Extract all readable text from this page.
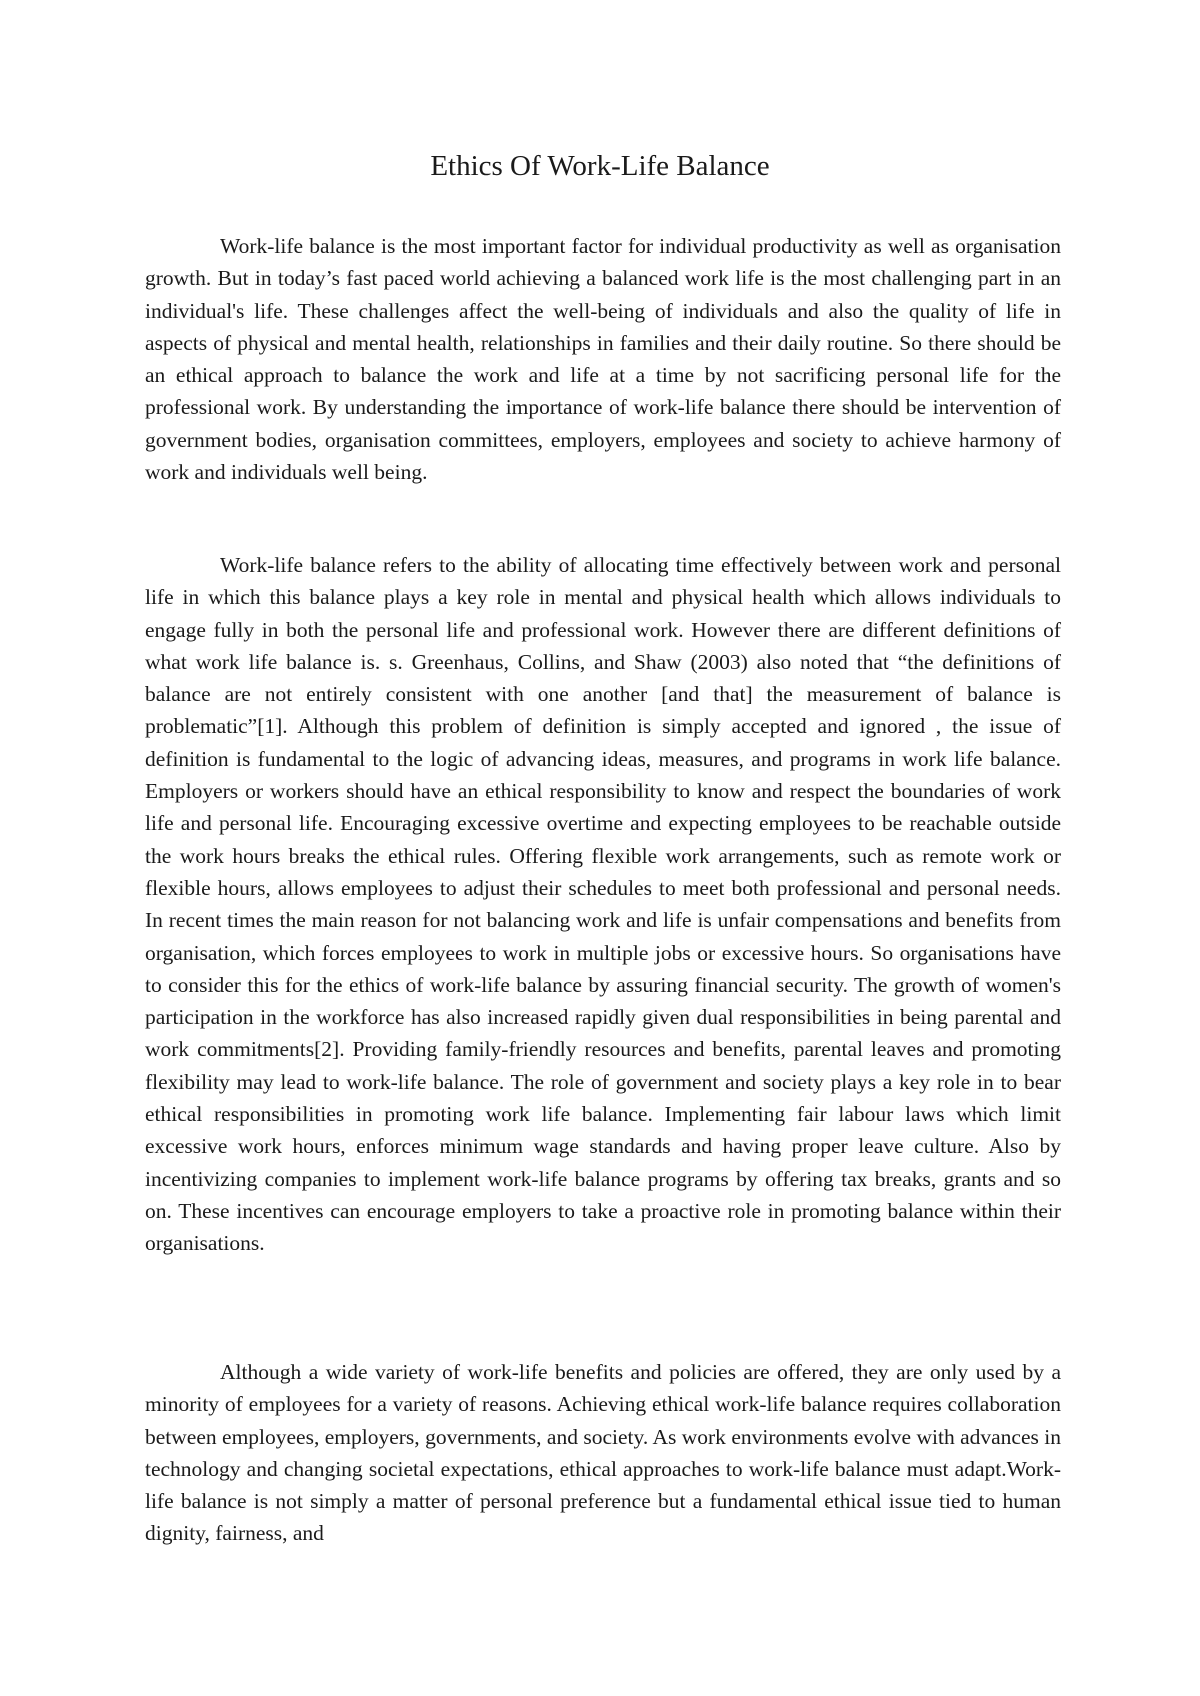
Ethics Of Work-Life Balance

Work-life balance is the most important factor for individual productivity as well as organisation growth. But in today’s fast paced world achieving a balanced work life is the most challenging part in an individual's life. These challenges affect the well-being of individuals and also the quality of life in aspects of physical and mental health, relationships in families and their daily routine. So there should be an ethical approach to balance the work and life at a time by not sacrificing personal life for the professional work. By understanding the importance of work-life balance there should be intervention of government bodies, organisation committees, employers, employees and society to achieve harmony of work and individuals well being.

Work-life balance refers to the ability of allocating time effectively between work and personal life in which this balance plays a key role in mental and physical health which allows individuals to engage fully in both the personal life and professional work. However there are different definitions of what work life balance is. s. Greenhaus, Collins, and Shaw (2003) also noted that “the definitions of balance are not entirely consistent with one another [and that] the measurement of balance is problematic”[1]. Although this problem of definition is simply accepted and ignored , the issue of definition is fundamental to the logic of advancing ideas, measures, and programs in work life balance. Employers or workers should have an ethical responsibility to know and respect the boundaries of work life and personal life. Encouraging excessive overtime and expecting employees to be reachable outside the work hours breaks the ethical rules. Offering flexible work arrangements, such as remote work or flexible hours, allows employees to adjust their schedules to meet both professional and personal needs. In recent times the main reason for not balancing work and life is unfair compensations and benefits from organisation, which forces employees to work in multiple jobs or excessive hours. So organisations have to consider this for the ethics of work-life balance by assuring financial security. The growth of women's participation in the workforce has also increased rapidly given dual responsibilities in being parental and work commitments[2]. Providing family-friendly resources and benefits, parental leaves and promoting flexibility may lead to work-life balance. The role of government and society plays a key role in to bear ethical responsibilities in promoting work life balance. Implementing fair labour laws which limit excessive work hours, enforces minimum wage standards and having proper leave culture. Also by incentivizing companies to implement work-life balance programs by offering tax breaks, grants and so on. These incentives can encourage employers to take a proactive role in promoting balance within their organisations.

Although a wide variety of work-life benefits and policies are offered, they are only used by a minority of employees for a variety of reasons. Achieving ethical work-life balance requires collaboration between employees, employers, governments, and society. As work environments evolve with advances in technology and changing societal expectations, ethical approaches to work-life balance must adapt.Work-life balance is not simply a matter of personal preference but a fundamental ethical issue tied to human dignity, fairness, and
